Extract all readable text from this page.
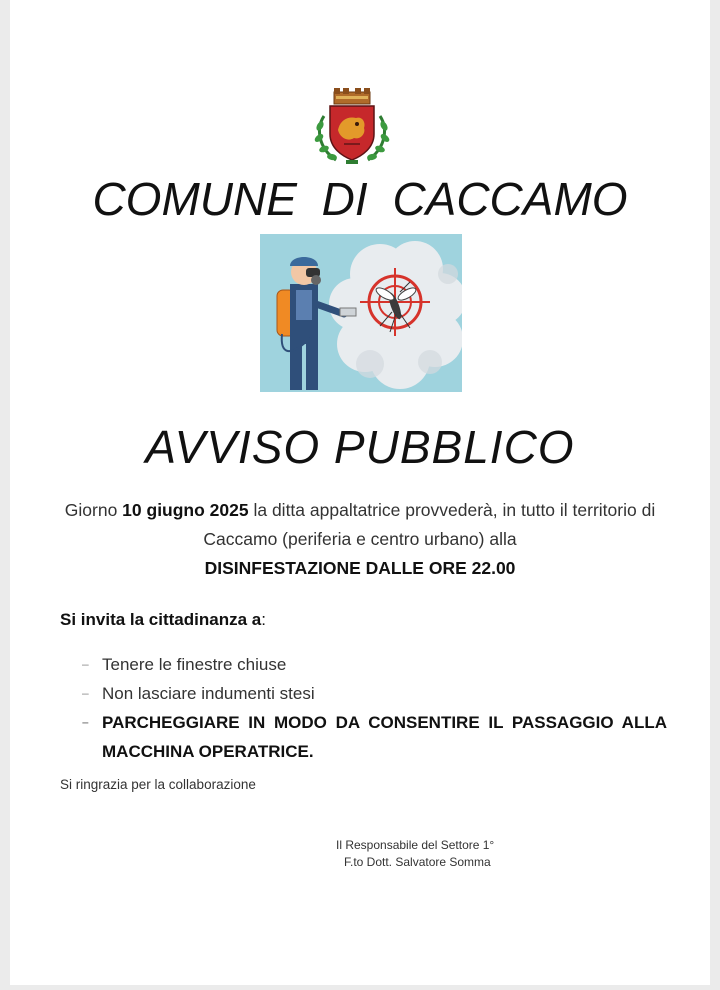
COMUNE DI CACCAMO
AVVISO PUBBLICO
Giorno 10 giugno 2025 la ditta appaltatrice provvederà, in tutto il territorio di Caccamo (periferia e centro urbano) alla
DISINFESTAZIONE DALLE ORE 22.00
Si invita la cittadinanza a:
– Tenere le finestre chiuse
– Non lasciare indumenti stesi
– PARCHEGGIARE IN MODO DA CONSENTIRE IL PASSAGGIO ALLA MACCHINA OPERATRICE.
Si ringrazia per la collaborazione
Il Responsabile del Settore 1°
F.to Dott. Salvatore Somma
